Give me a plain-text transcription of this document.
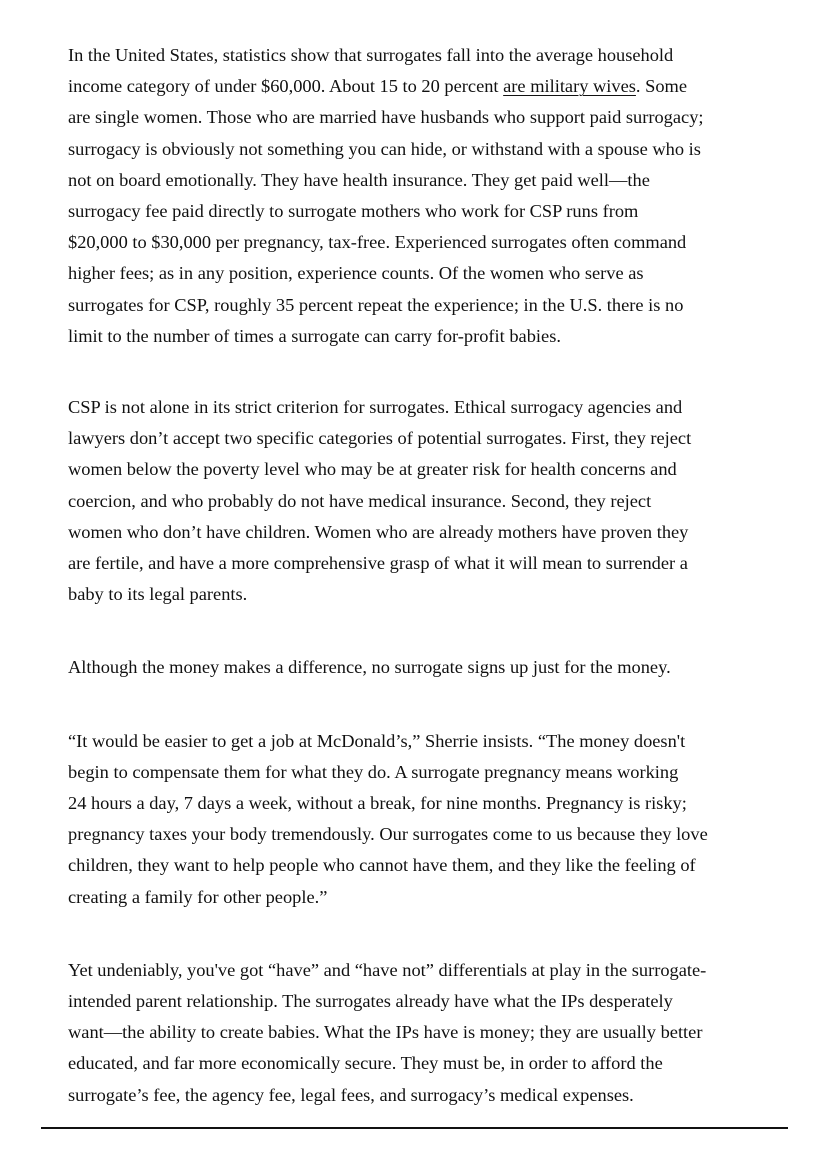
In the United States, statistics show that surrogates fall into the average household
income category of under $60,000. About 15 to 20 percent are military wives. Some
are single women. Those who are married have husbands who support paid surrogacy;
surrogacy is obviously not something you can hide, or withstand with a spouse who is
not on board emotionally. They have health insurance. They get paid well—the
surrogacy fee paid directly to surrogate mothers who work for CSP runs from
$20,000 to $30,000 per pregnancy, tax-free. Experienced surrogates often command
higher fees; as in any position, experience counts. Of the women who serve as
surrogates for CSP, roughly 35 percent repeat the experience; in the U.S. there is no
limit to the number of times a surrogate can carry for-profit babies.

CSP is not alone in its strict criterion for surrogates. Ethical surrogacy agencies and
lawyers don’t accept two specific categories of potential surrogates. First, they reject
women below the poverty level who may be at greater risk for health concerns and
coercion, and who probably do not have medical insurance. Second, they reject
women who don’t have children. Women who are already mothers have proven they
are fertile, and have a more comprehensive grasp of what it will mean to surrender a
baby to its legal parents.

Although the money makes a difference, no surrogate signs up just for the money.

“It would be easier to get a job at McDonald’s,” Sherrie insists. “The money doesn't
begin to compensate them for what they do. A surrogate pregnancy means working
24 hours a day, 7 days a week, without a break, for nine months. Pregnancy is risky;
pregnancy taxes your body tremendously. Our surrogates come to us because they love
children, they want to help people who cannot have them, and they like the feeling of
creating a family for other people.”

Yet undeniably, you've got “have” and “have not” differentials at play in the surrogate-
intended parent relationship. The surrogates already have what the IPs desperately
want—the ability to create babies. What the IPs have is money; they are usually better
educated, and far more economically secure. They must be, in order to afford the
surrogate’s fee, the agency fee, legal fees, and surrogacy’s medical expenses.
